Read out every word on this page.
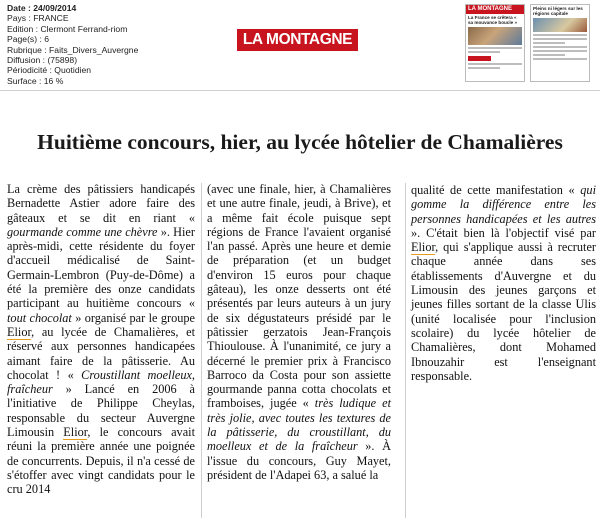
Date : 24/09/2014
Pays : FRANCE
Edition : Clermont Ferrand-riom
Page(s) : 6
Rubrique : Faits_Divers_Auvergne
Diffusion : (75898)
Périodicité : Quotidien
Surface : 16 %
LA MONTAGNE
LA MONTAGNE
La France se crêtera « sa mouvance boucle »
Pleins ni légers sur les régions capitale
Huitième concours, hier, au lycée hôtelier de Chamalières

La crème des pâtissiers handicapés Bernadette Astier adore faire des gâteaux et se dit en riant « gourmande comme une chèvre ». Hier après-midi, cette résidente du foyer d'accueil médicalisé de Saint-Germain-Lembron (Puy-de-Dôme) a été la première des onze candidats participant au huitième concours « tout chocolat » organisé par le groupe Elior, au lycée de Chamalières, et réservé aux personnes handicapées aimant faire de la pâtisserie. Au chocolat ! « Croustillant moelleux, fraîcheur » Lancé en 2006 à l'initiative de Philippe Cheylas, responsable du secteur Auvergne Limousin Elior, le concours avait réuni la première année une poignée de concurrents. Depuis, il n'a cessé de s'étoffer avec vingt candidats pour le cru 2014

(avec une finale, hier, à Chamalières et une autre finale, jeudi, à Brive), et a même fait école puisque sept régions de France l'avaient organisé l'an passé. Après une heure et demie de préparation (et un budget d'environ 15 euros pour chaque gâteau), les onze desserts ont été présentés par leurs auteurs à un jury de six dégustateurs présidé par le pâtissier gerzatois Jean-François Thioulouse. À l'unanimité, ce jury a décerné le premier prix à Francisco Barroco da Costa pour son assiette gourmande panna cotta chocolats et framboises, jugée « très ludique et très jolie, avec toutes les textures de la pâtisserie, du croustillant, du moelleux et de la fraîcheur ». À l'issue du concours, Guy Mayet, président de l'Adapei 63, a salué la

qualité de cette manifestation « qui gomme la différence entre les personnes handicapées et les autres ». C'était bien là l'objectif visé par Elior, qui s'applique aussi à recruter chaque année dans ses établissements d'Auvergne et du Limousin des jeunes garçons et jeunes filles sortant de la classe Ulis (unité localisée pour l'inclusion scolaire) du lycée hôtelier de Chamalières, dont Mohamed Ibnouzahir est l'enseignant responsable.
